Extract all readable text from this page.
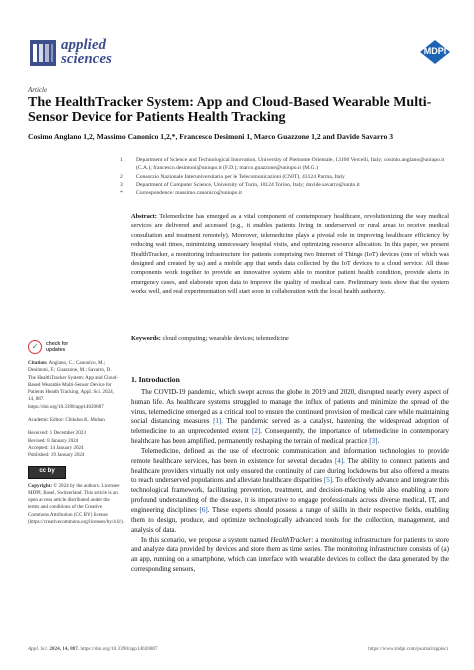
applied
sciences	MDPI
Article
The HealthTracker System: App and Cloud-Based Wearable Multi-Sensor Device for Patients Health Tracking
Cosimo Anglano 1,2, Massimo Canonico 1,2,*, Francesco Desimoni 1, Marco Guazzone 1,2 and Davide Savarro 3
1	Department of Science and Technological Innovation, University of Piemonte Orientale, 13100 Vercelli, Italy; cosimo.anglano@uniupo.it (C.A.); francesco.desimoni@uniupo.it (F.D.); marco.guazzone@uniupo.it (M.G.)
2	Consorzio Nazionale Interuniversitario per le Telecomunicazioni (CNIT), 43124 Parma, Italy
3	Department of Computer Science, University of Turin, 10124 Torino, Italy; davide.savarro@unito.it
*	Correspondence: massimo.canonico@uniupo.it
Abstract: Telemedicine has emerged as a vital component of contemporary healthcare, revolutionizing the way medical services are delivered and accessed (e.g., it enables patients living in underserved or rural areas to receive medical consultation and treatment remotely). Moreover, telemedicine plays a pivotal role in improving healthcare efficiency by reducing wait times, minimizing unnecessary hospital visits, and optimizing resource allocation. In this paper, we present HealthTracker, a monitoring infrastructure for patients comprising two Internet of Things (IoT) devices (one of which was designed and created by us) and a mobile app that sends data collected by the IoT devices to a cloud service. All these components work together to provide an innovative system able to monitor patient health condition, provide alerts in emergency cases, and elaborate upon data to improve the quality of medical care. Preliminary tests show that the system works well, and real experimentation will start soon in collaboration with the local health authority.
Keywords: cloud computing; wearable devices; telemedicine
✓	check for
updates

Citation: Anglano, C.; Canonico, M.; Desimoni, F.; Guazzone, M.; Savarro, D. The HealthTracker System: App and Cloud-Based Wearable Multi-Sensor Device for Patients Health Tracking. Appl. Sci. 2024, 14, 887. https://doi.org/10.3390/app14020887

Academic Editor: Chikdon K. Mohan

Received: 1 December 2023

Revised: 8 January 2024

Accepted: 14 January 2024

Published: 19 January 2024

cc by

Copyright: © 2024 by the authors. Licensee MDPI, Basel, Switzerland. This article is an open access article distributed under the terms and conditions of the Creative Commons Attribution (CC BY) license (https://creativecommons.org/licenses/by/4.0/).

1. Introduction

The COVID-19 pandemic, which swept across the globe in 2019 and 2020, disrupted nearly every aspect of human life. As healthcare systems struggled to manage the influx of patients and minimize the spread of the virus, telemedicine emerged as a critical tool to ensure the continued provision of medical care while maintaining social distancing measures [1]. The pandemic served as a catalyst, hastening the widespread adoption of telemedicine to an unprecedented extent [2]. Consequently, the importance of telemedicine in contemporary healthcare has been amplified, permanently reshaping the terrain of medical practice [3].

Telemedicine, defined as the use of electronic communication and information technologies to provide remote healthcare services, has been in existence for several decades [4]. The ability to connect patients and healthcare providers virtually not only ensured the continuity of care during lockdowns but also offered a means to reach underserved populations and alleviate healthcare disparities [5]. To effectively advance and integrate this technological framework, facilitating prevention, treatment, and decision-making while also enabling a more profound understanding of the disease, it is imperative to engage professionals across diverse medical, IT, and engineering disciplines [6]. These experts should possess a range of skills in their respective fields, enabling them to design, produce, and optimize technologically advanced tools for the collection, management, and analysis of data.

In this scenario, we propose a system named HealthTracker: a monitoring infrastructure for patients to store and analyze data provided by devices and store them as time series. The monitoring infrastructure consists of (a) an app, running on a smartphone, which can interface with wearable devices to collect the data generated by the corresponding sensors,

Appl. Sci. 2024, 14, 887. https://doi.org/10.3390/app14020887	https://www.mdpi.com/journal/applsci
